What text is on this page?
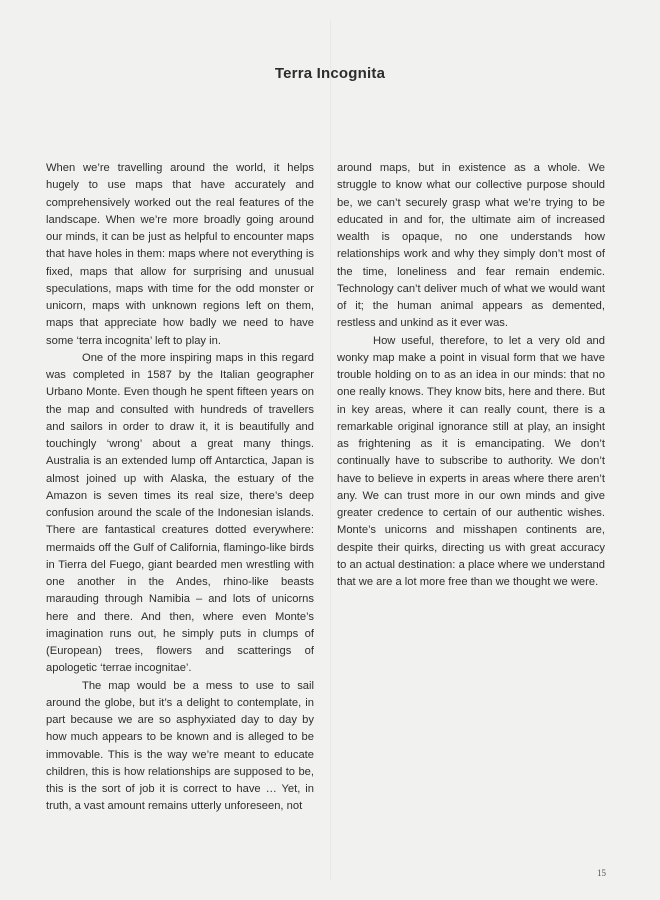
Terra Incognita

When we’re travelling around the world, it helps hugely to use maps that have accurately and comprehensively worked out the real features of the landscape. When we’re more broadly going around our minds, it can be just as helpful to encounter maps that have holes in them: maps where not everything is fixed, maps that allow for surprising and unusual speculations, maps with time for the odd monster or unicorn, maps with unknown regions left on them, maps that appreciate how badly we need to have some ‘terra incognita’ left to play in.

One of the more inspiring maps in this regard was completed in 1587 by the Italian geographer Urbano Monte. Even though he spent fifteen years on the map and consulted with hundreds of travellers and sailors in order to draw it, it is beautifully and touchingly ‘wrong’ about a great many things. Australia is an extended lump off Antarctica, Japan is almost joined up with Alaska, the estuary of the Amazon is seven times its real size, there’s deep confusion around the scale of the Indonesian islands. There are fantastical creatures dotted everywhere: mermaids off the Gulf of California, flamingo-like birds in Tierra del Fuego, giant bearded men wrestling with one another in the Andes, rhino-like beasts marauding through Namibia – and lots of unicorns here and there. And then, where even Monte’s imagination runs out, he simply puts in clumps of (European) trees, flowers and scatterings of apologetic ‘terrae incognitae’.

The map would be a mess to use to sail around the globe, but it’s a delight to contemplate, in part because we are so asphyxiated day to day by how much appears to be known and is alleged to be immovable. This is the way we’re meant to educate children, this is how relationships are supposed to be, this is the sort of job it is correct to have … Yet, in truth, a vast amount remains utterly unforeseen, not

around maps, but in existence as a whole. We struggle to know what our collective purpose should be, we can’t securely grasp what we’re trying to be educated in and for, the ultimate aim of increased wealth is opaque, no one understands how relationships work and why they simply don’t most of the time, loneliness and fear remain endemic. Technology can’t deliver much of what we would want of it; the human animal appears as demented, restless and unkind as it ever was.

How useful, therefore, to let a very old and wonky map make a point in visual form that we have trouble holding on to as an idea in our minds: that no one really knows. They know bits, here and there. But in key areas, where it can really count, there is a remarkable original ignorance still at play, an insight as frightening as it is emancipating. We don’t continually have to subscribe to authority. We don’t have to believe in experts in areas where there aren’t any. We can trust more in our own minds and give greater credence to certain of our authentic wishes. Monte’s unicorns and misshapen continents are, despite their quirks, directing us with great accuracy to an actual destination: a place where we understand that we are a lot more free than we thought we were.

15
